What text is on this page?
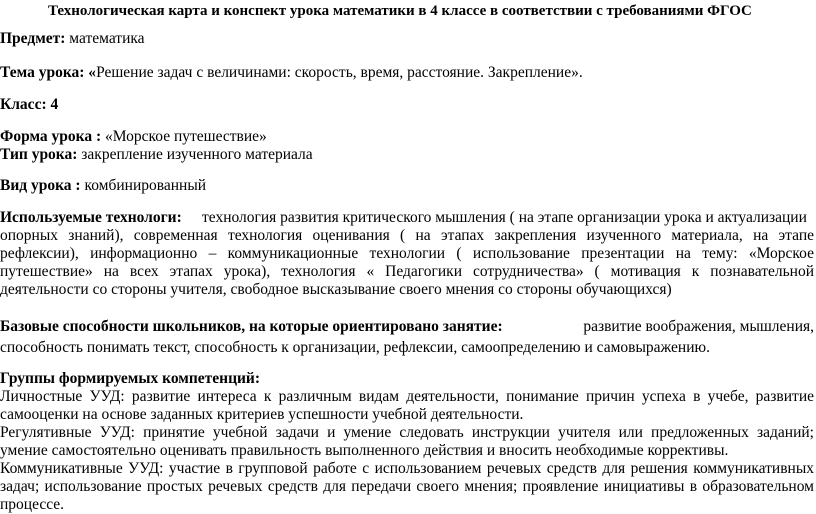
Технологическая карта и конспект урока математики в 4 классе в соответствии с требованиями ФГОС
Предмет: математика
Тема урока: «Решение задач с величинами: скорость, время, расстояние. Закрепление».
Класс: 4
Форма урока : «Морское путешествие»
Тип урока: закрепление изученного материала
Вид урока : комбинированный
Используемые технологи: технология развития критического мышления ( на этапе организации урока и актуализации
опорных знаний), современная технология оценивания ( на этапах закрепления изученного материала, на этапе
рефлексии), информационно – коммуникационные технологии ( использование презентации на тему: «Морское
путешествие» на всех этапах урока), технология « Педагогики сотрудничества» ( мотивация к познавательной
деятельности со стороны учителя, свободное высказывание своего мнения со стороны обучающихся)
Базовые способности школьников, на которые ориентировано занятие:	развитие воображения, мышления,
способность понимать текст, способность к организации, рефлексии, самоопределению и самовыражению.
Группы формируемых компетенций:
Личностные УУД: развитие интереса к различным видам деятельности, понимание причин успеха в учебе, развитие
самооценки на основе заданных критериев успешности учебной деятельности.
Регулятивные УУД: принятие учебной задачи и умение следовать инструкции учителя или предложенных заданий;
умение самостоятельно оценивать правильность выполненного действия и вносить необходимые коррективы.
Коммуникативные УУД: участие в групповой работе с использованием речевых средств для решения коммуникативных
задач; использование простых речевых средств для передачи своего мнения; проявление инициативы в образовательном
процессе.
